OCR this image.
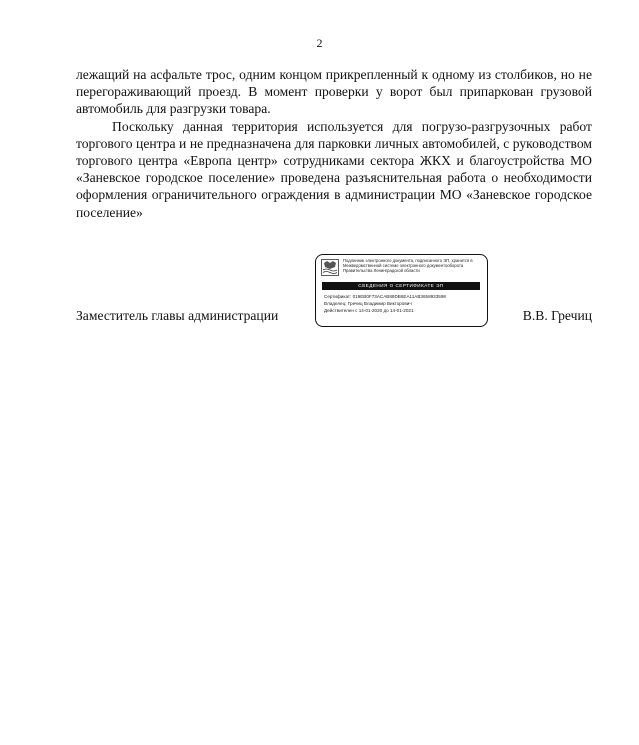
2

лежащий на асфальте трос, одним концом прикрепленный к одному из столбиков, но не перегораживающий проезд. В момент проверки у ворот был припаркован грузовой автомобиль для разгрузки товара.

Поскольку данная территория используется для погрузо-разгрузочных работ торгового центра и не предназначена для парковки личных автомобилей, с руководством торгового центра «Европа центр» сотрудниками сектора ЖКХ и благоустройства МО «Заневское городское поселение» проведена разъяснительная работа о необходимости оформления ограничительного ограждения в администрации МО «Заневское городское поселение»

Заместитель главы администрации	В.В. Гречиц
Подлинник электронного документа, подписанного ЭП, хранится в Межведомственной системе электронного документооборота Правительства Ленинградской области
СВЕДЕНИЯ О СЕРТИФИКАТЕ ЭП
Сертификат: 019EB0F73ACAB89DB6EA11AB3658933598
Владелец: Гречиц Владимир Викторович
Действителен с 14-01-2020 до 14-01-2021
